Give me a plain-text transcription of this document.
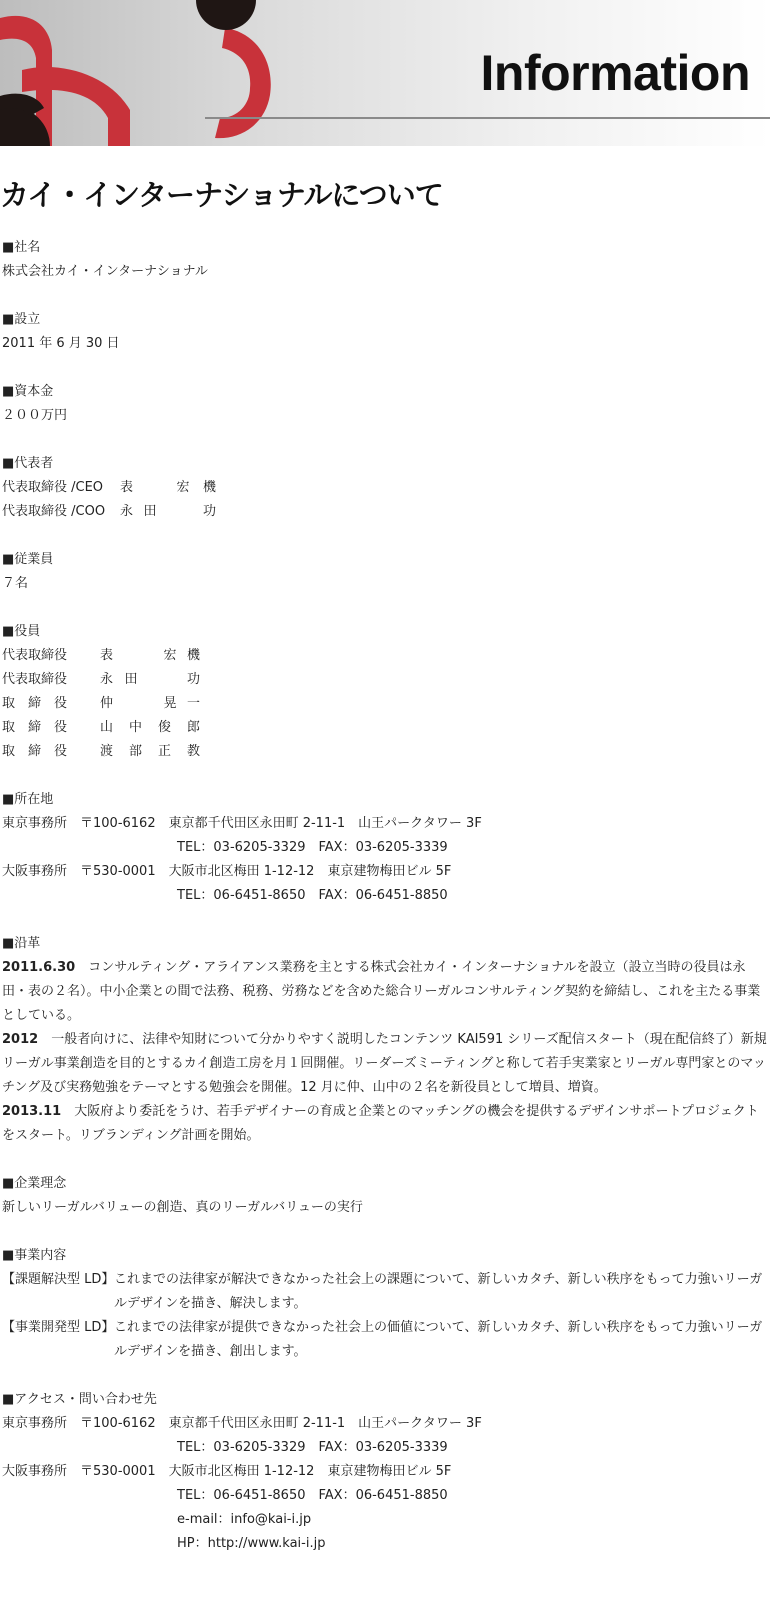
Information
カイ・インターナショナルについて
■社名
株式会社カイ・インターナショナル
■設立
2011 年 6 月 30 日
■資本金
２００万円
■代表者
代表取締役 /CEO	表	宏 機
代表取締役 /COO	永 田	功
■従業員
７名
■役員
代表取締役	表	宏 機
代表取締役	永 田	功
取　締　役	仲	晃 一
取　締　役	山 中 俊 郎
取　締　役	渡 部 正 教
■所在地
東京事務所　〒100-6162　東京都千代田区永田町 2-11-1　山王パークタワー 3F
TEL：03-6205-3329　FAX：03-6205-3339
大阪事務所　〒530-0001　大阪市北区梅田 1-12-12　東京建物梅田ビル 5F
TEL：06-6451-8650　FAX：06-6451-8850
■沿革
2011.6.30　コンサルティング・アライアンス業務を主とする株式会社カイ・インターナショナルを設立（設立当時の役員は永田・表の２名）。中小企業との間で法務、税務、労務などを含めた総合リーガルコンサルティング契約を締結し、これを主たる事業としている。
2012　一般者向けに、法律や知財について分かりやすく説明したコンテンツ KAI591 シリーズ配信スタート（現在配信終了）新規リーガル事業創造を目的とするカイ創造工房を月１回開催。リーダーズミーティングと称して若手実業家とリーガル専門家とのマッチング及び実務勉強をテーマとする勉強会を開催。12 月に仲、山中の２名を新役員として増員、増資。
2013.11　大阪府より委託をうけ、若手デザイナーの育成と企業とのマッチングの機会を提供するデザインサポートプロジェクトをスタート。リブランディング計画を開始。
■企業理念
新しいリーガルバリューの創造、真のリーガルバリューの実行
■事業内容
【課題解決型 LD】 これまでの法律家が解決できなかった社会上の課題について、新しいカタチ、新しい秩序をもって力強いリーガルデザインを描き、解決します。
【事業開発型 LD】 これまでの法律家が提供できなかった社会上の価値について、新しいカタチ、新しい秩序をもって力強いリーガルデザインを描き、創出します。
■アクセス・問い合わせ先
東京事務所　〒100-6162　東京都千代田区永田町 2-11-1　山王パークタワー 3F
TEL：03-6205-3329　FAX：03-6205-3339
大阪事務所　〒530-0001　大阪市北区梅田 1-12-12　東京建物梅田ビル 5F
TEL：06-6451-8650　FAX：06-6451-8850
e-mail：info@kai-i.jp
HP：http://www.kai-i.jp
